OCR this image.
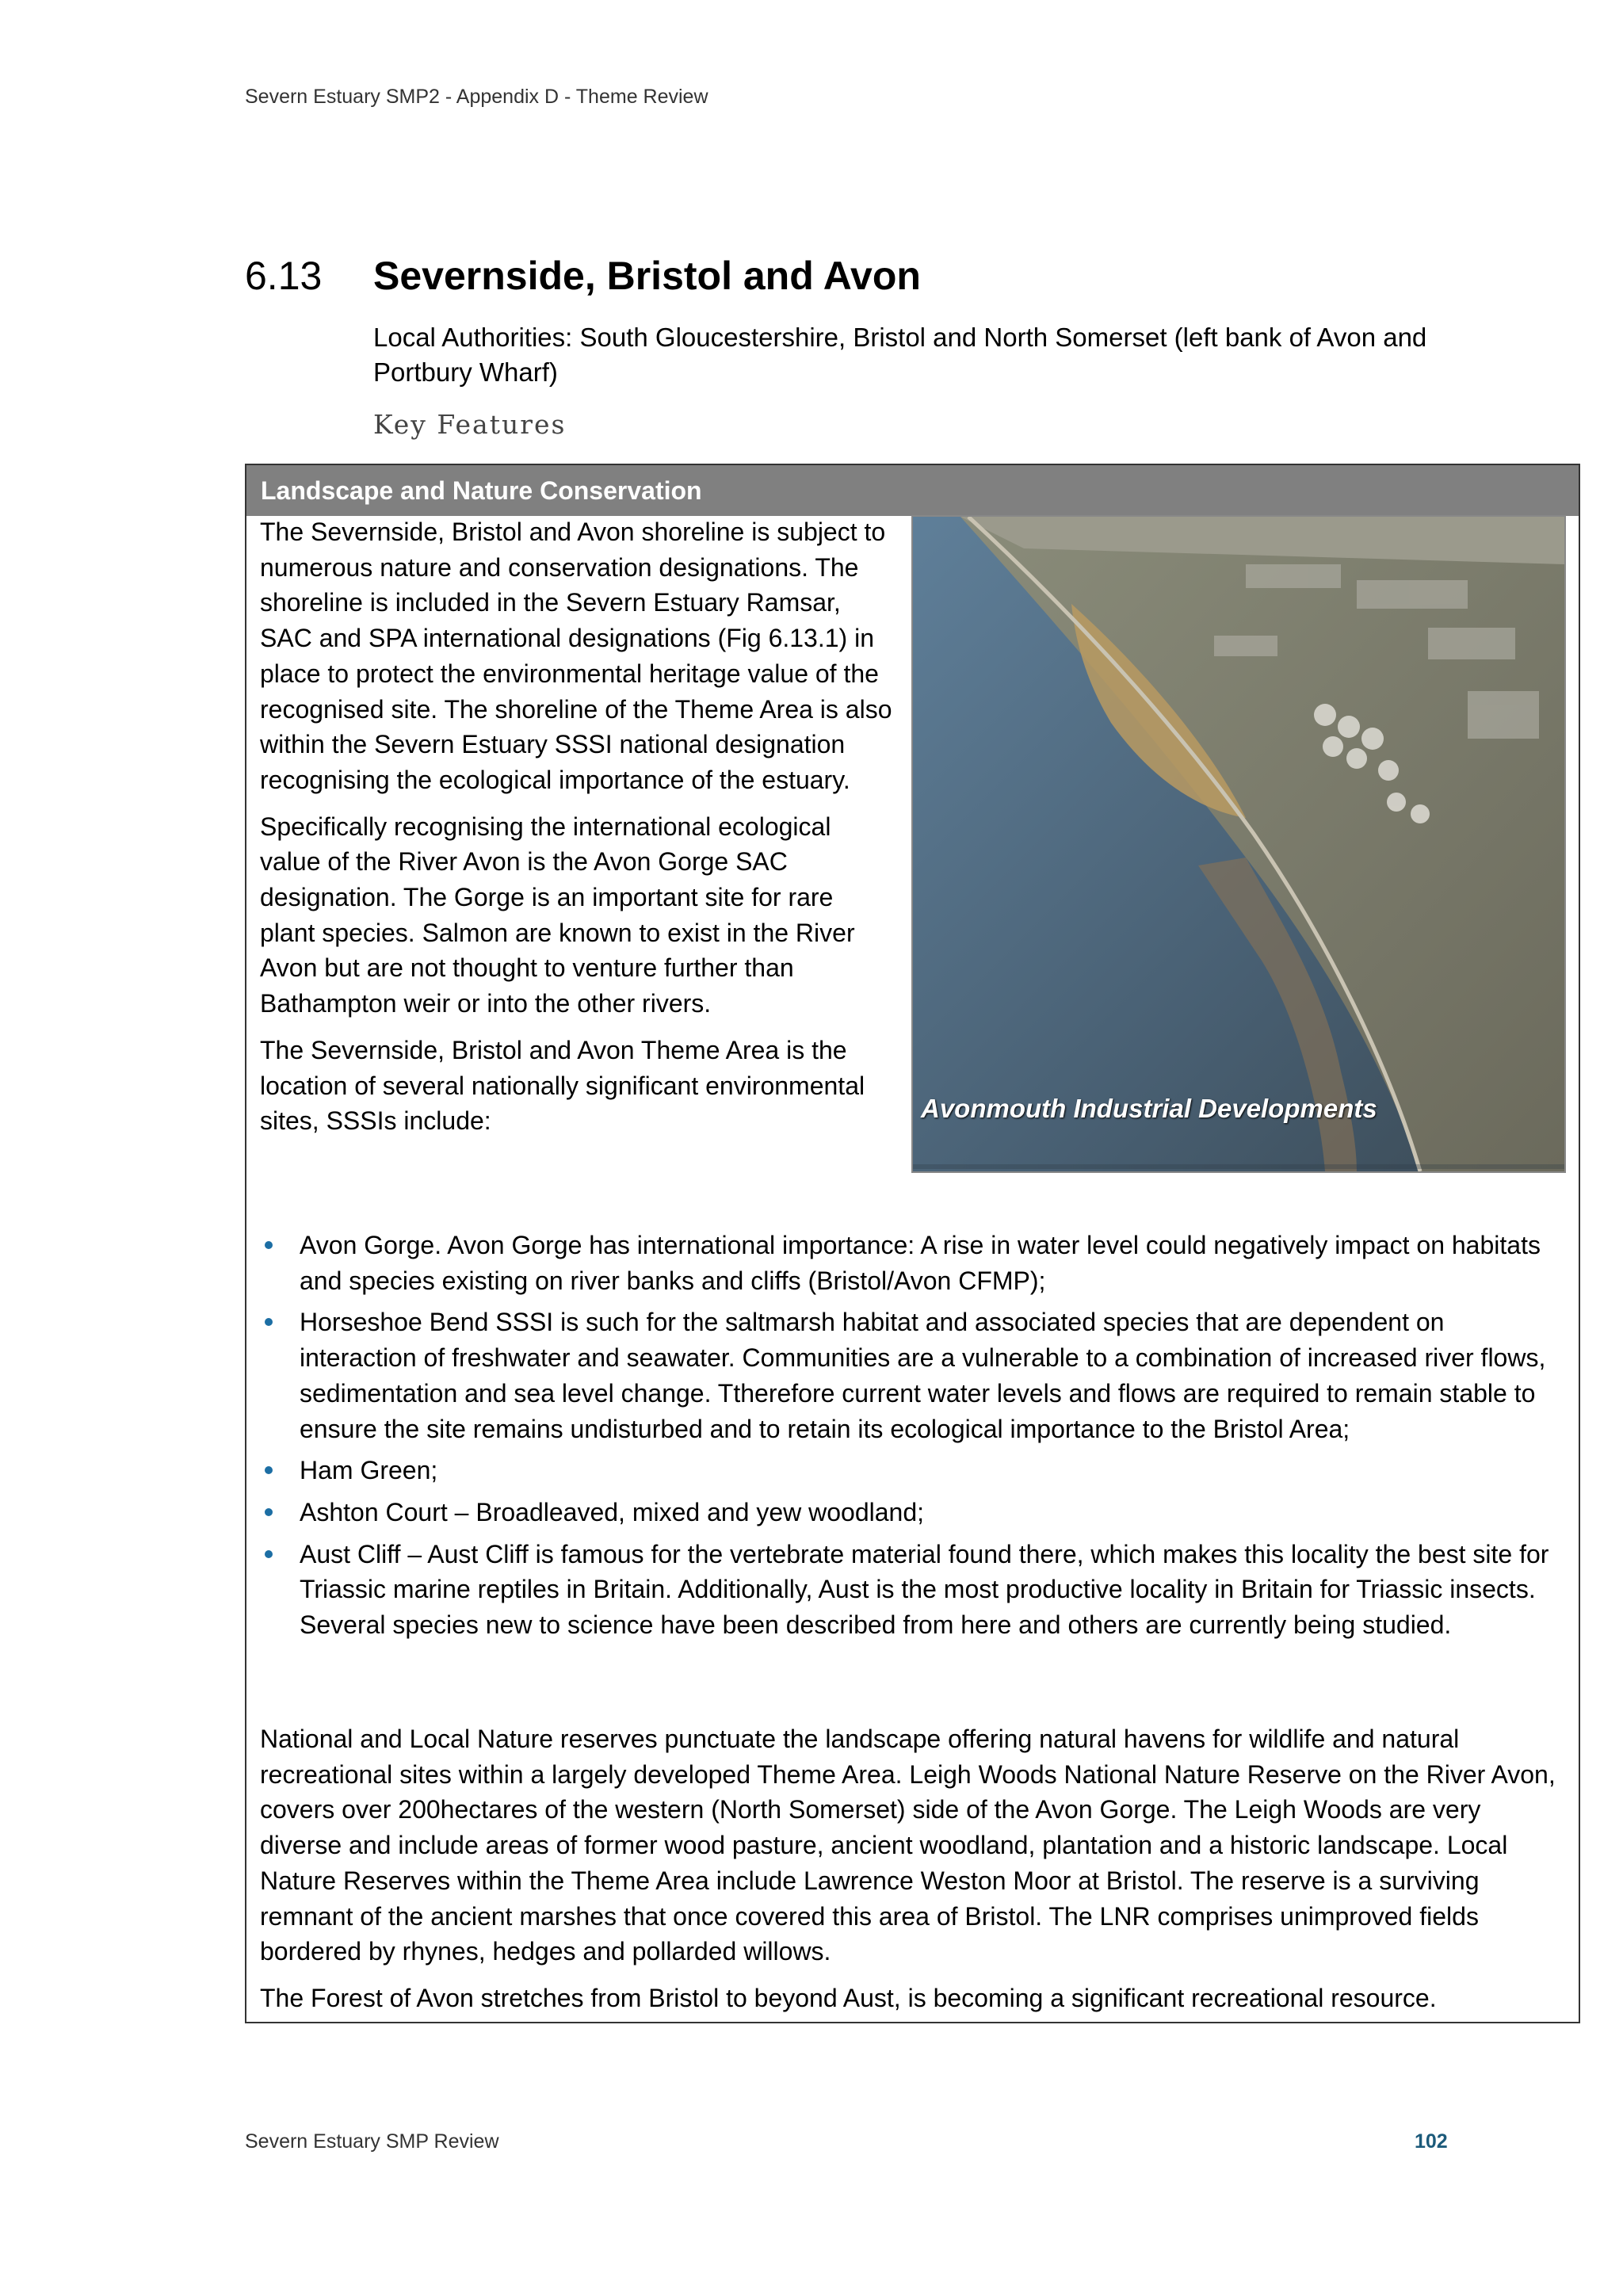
Severn Estuary SMP2 - Appendix D - Theme Review
6.13 Severnside, Bristol and Avon
Local Authorities: South Gloucestershire, Bristol and North Somerset (left bank of Avon and Portbury Wharf)
Key Features
Landscape and Nature Conservation

The Severnside, Bristol and Avon shoreline is subject to numerous nature and conservation designations. The shoreline is included in the Severn Estuary Ramsar, SAC and SPA international designations (Fig 6.13.1) in place to protect the environmental heritage value of the recognised site. The shoreline of the Theme Area is also within the Severn Estuary SSSI national designation recognising the ecological importance of the estuary.

Specifically recognising the international ecological value of the River Avon is the Avon Gorge SAC designation. The Gorge is an important site for rare plant species. Salmon are known to exist in the River Avon but are not thought to venture further than Bathampton weir or into the other rivers.

The Severnside, Bristol and Avon Theme Area is the location of several nationally significant environmental sites, SSSIs include:	Avonmouth Industrial Developments
Avon Gorge. Avon Gorge has international importance: A rise in water level could negatively impact on habitats and species existing on river banks and cliffs (Bristol/Avon CFMP);
Horseshoe Bend SSSI is such for the saltmarsh habitat and associated species that are dependent on interaction of freshwater and seawater. Communities are a vulnerable to a combination of increased river flows, sedimentation and sea level change. Ttherefore current water levels and flows are required to remain stable to ensure the site remains undisturbed and to retain its ecological importance to the Bristol Area;
Ham Green;
Ashton Court – Broadleaved, mixed and yew woodland;
Aust Cliff – Aust Cliff is famous for the vertebrate material found there, which makes this locality the best site for Triassic marine reptiles in Britain. Additionally, Aust is the most productive locality in Britain for Triassic insects. Several species new to science have been described from here and others are currently being studied.

National and Local Nature reserves punctuate the landscape offering natural havens for wildlife and natural recreational sites within a largely developed Theme Area. Leigh Woods National Nature Reserve on the River Avon, covers over 200hectares of the western (North Somerset) side of the Avon Gorge. The Leigh Woods are very diverse and include areas of former wood pasture, ancient woodland, plantation and a historic landscape. Local Nature Reserves within the Theme Area include Lawrence Weston Moor at Bristol. The reserve is a surviving remnant of the ancient marshes that once covered this area of Bristol. The LNR comprises unimproved fields bordered by rhynes, hedges and pollarded willows.

The Forest of Avon stretches from Bristol to beyond Aust, is becoming a significant recreational resource.

Severn Estuary SMP Review	102
